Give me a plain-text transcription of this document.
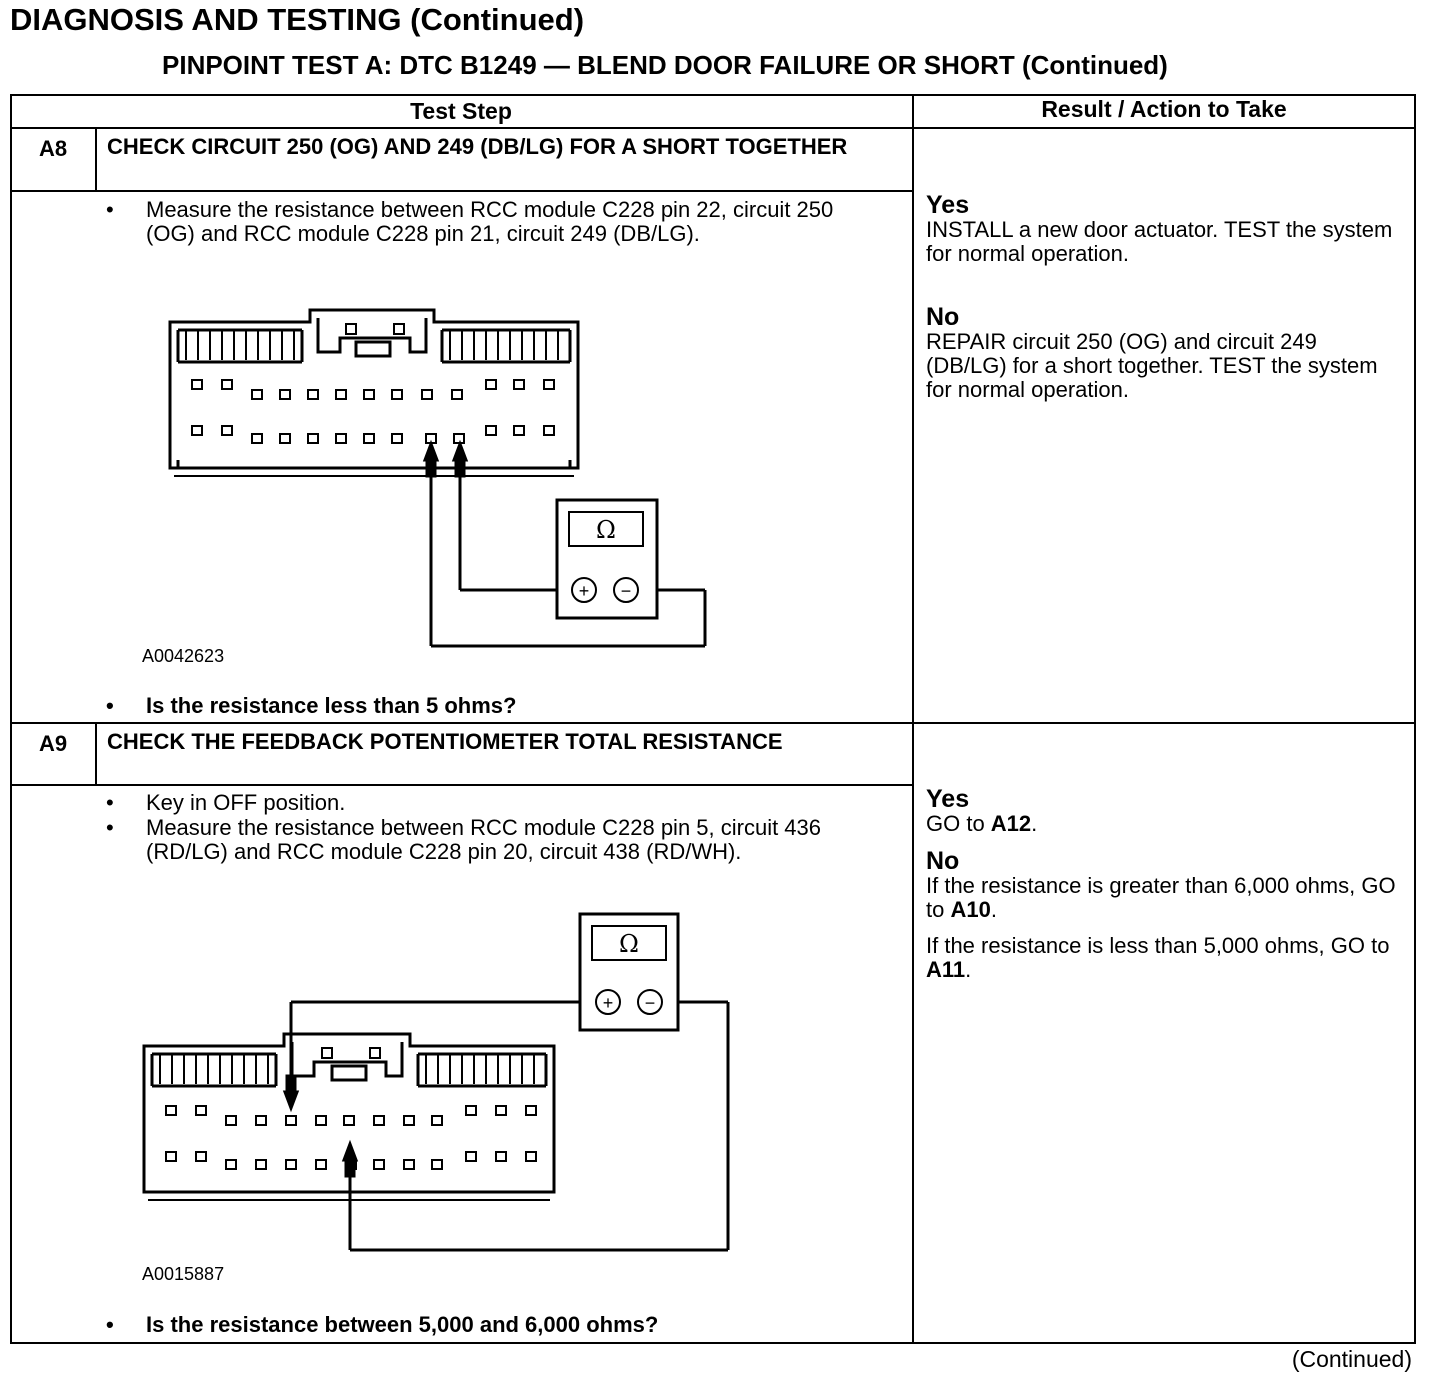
DIAGNOSIS AND TESTING (Continued)
PINPOINT TEST A: DTC B1249 — BLEND DOOR FAILURE OR SHORT (Continued)
Test Step	Result / Action to Take
A8	CHECK CIRCUIT 250 (OG) AND 249 (DB/LG) FOR A SHORT TOGETHER
• Measure the resistance between RCC module C228 pin 22, circuit 250 (OG) and RCC module C228 pin 21, circuit 249 (DB/LG).
Ω
+ −
A0042623
• Is the resistance less than 5 ohms?
Yes
INSTALL a new door actuator. TEST the system for normal operation.
No
REPAIR circuit 250 (OG) and circuit 249 (DB/LG) for a short together. TEST the system for normal operation.
A9	CHECK THE FEEDBACK POTENTIOMETER TOTAL RESISTANCE
• Key in OFF position.
• Measure the resistance between RCC module C228 pin 5, circuit 436 (RD/LG) and RCC module C228 pin 20, circuit 438 (RD/WH).
Ω
+ −
A0015887
• Is the resistance between 5,000 and 6,000 ohms?
Yes
GO to A12.
No
If the resistance is greater than 6,000 ohms, GO to A10.
If the resistance is less than 5,000 ohms, GO to A11.
(Continued)
